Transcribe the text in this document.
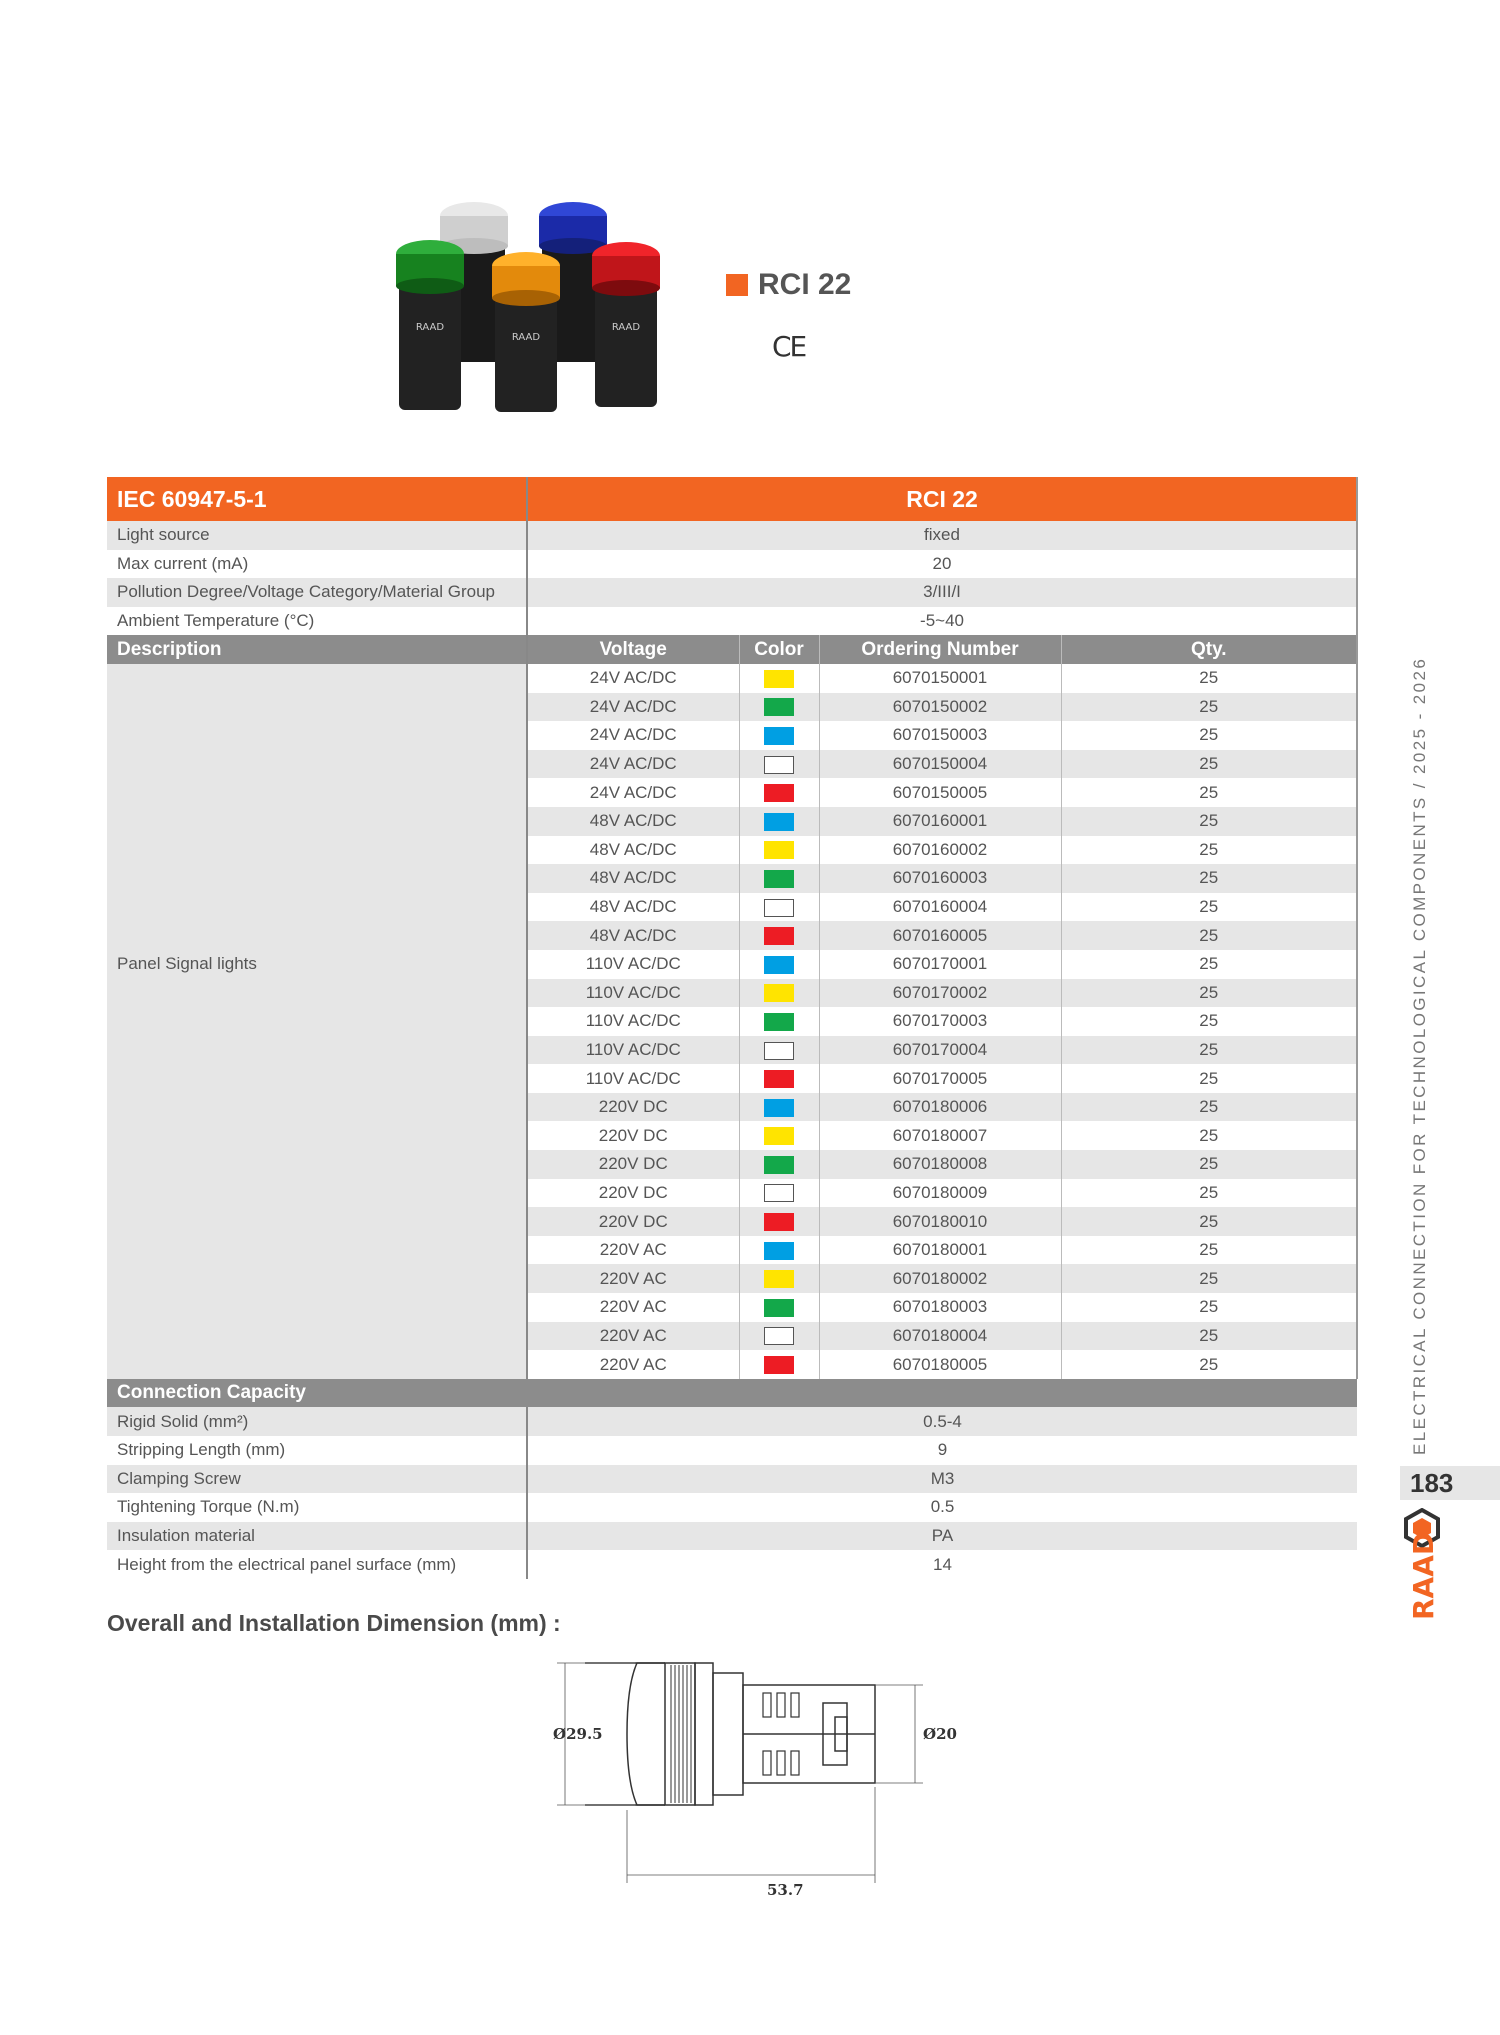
RAAD
RAAD
RAAD
RCI 22
CE
IEC 60947-5-1	RCI 22			
Light source	fixed			
Max current (mA)	20			
Pollution Degree/Voltage Category/Material Group	3/III/I			
Ambient Temperature (°C)	-5~40			
Description	Voltage	Color	Ordering Number	Qty.
Panel Signal lights	24V AC/DC		6070150001	25
	24V AC/DC		6070150002	25
	24V AC/DC		6070150003	25
	24V AC/DC		6070150004	25
	24V AC/DC		6070150005	25
	48V AC/DC		6070160001	25
	48V AC/DC		6070160002	25
	48V AC/DC		6070160003	25
	48V AC/DC		6070160004	25
	48V AC/DC		6070160005	25
	110V AC/DC		6070170001	25
	110V AC/DC		6070170002	25
	110V AC/DC		6070170003	25
	110V AC/DC		6070170004	25
	110V AC/DC		6070170005	25
	220V DC		6070180006	25
	220V DC		6070180007	25
	220V DC		6070180008	25
	220V DC		6070180009	25
	220V DC		6070180010	25
	220V AC		6070180001	25
	220V AC		6070180002	25
	220V AC		6070180003	25
	220V AC		6070180004	25
	220V AC		6070180005	25
Connection Capacity				
Rigid Solid (mm²)	0.5-4			
Stripping Length (mm)	9			
Clamping Screw	M3			
Tightening Torque (N.m)	0.5			
Insulation material	PA			
Height from the electrical panel surface (mm)	14			
ELECTRICAL CONNECTION FOR TECHNOLOGICAL COMPONENTS / 2025 - 2026
183
RAAD
Overall and Installation Dimension (mm) :
Ø29.5	Ø20
53.7
